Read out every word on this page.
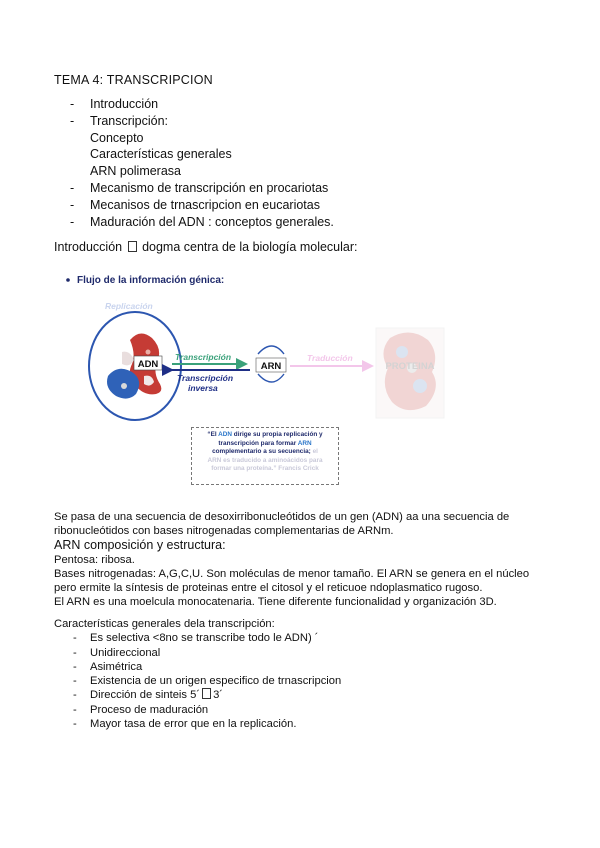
TEMA 4: TRANSCRIPCION
-	Introducción
-	Transcripción:
Concepto
Características generales
ARN polimerasa
-	Mecanismo de transcripción en procariotas
-	Mecanisos de trnascripcion en eucariotas
-	Maduración del ADN : conceptos generales.
Introducción dogma centra de la biología molecular:
Flujo de la información génica:
Replicación
ADN
Transcripción
Transcripción
inversa
ARN
Traducción
PROTEINA
“El ADN dirige su propia replicación y
transcripción para formar ARN
complementario a su secuencia; el
ARN es traducido a aminoácidos para
formar una proteína.” Francis Crick

Se pasa de una secuencia de desoxirribonucleótidos de un gen (ADN) aa una secuencia de

ribonucleótidos con bases nitrogenadas complementarias de ARNm.

ARN composición y estructura:

Pentosa: ribosa.

Bases nitrogenadas: A,G,C,U. Son moléculas de menor tamaño. El ARN se genera en el núcleo

pero ermite la síntesis de proteinas entre el citosol y el reticuoe ndoplasmatico rugoso.

El ARN es una moelcula monocatenaria. Tiene diferente funcionalidad y organización 3D.

Características generales dela transcripción:
-	Es selectiva <8no se transcribe todo le ADN) ´
-	Unidireccional
-	Asimétrica
-	Existencia de un origen especifico de trnascripcion
-	Dirección de sinteis 5´ 3´
-	Proceso de maduración
-	Mayor tasa de error que en la replicación.
